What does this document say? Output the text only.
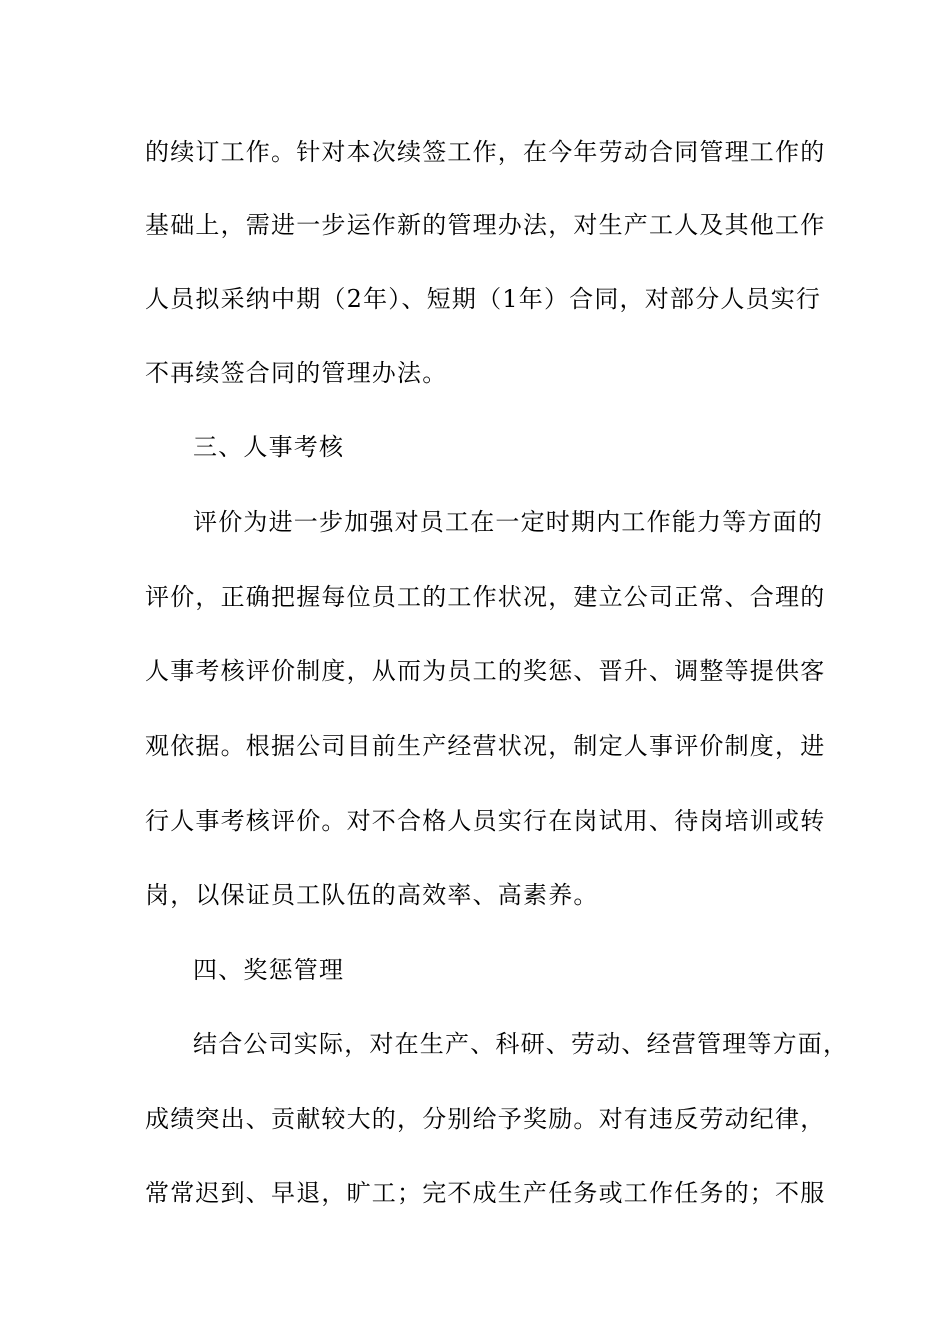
的续订工作。针对本次续签工作，在今年劳动合同管理工作的
基础上，需进一步运作新的管理办法，对生产工人及其他工作
人员拟采纳中期（2年）、短期（1年）合同，对部分人员实行
不再续签合同的管理办法。
三、人事考核
评价为进一步加强对员工在一定时期内工作能力等方面的
评价，正确把握每位员工的工作状况，建立公司正常、合理的
人事考核评价制度，从而为员工的奖惩、晋升、调整等提供客
观依据。根据公司目前生产经营状况，制定人事评价制度，进
行人事考核评价。对不合格人员实行在岗试用、待岗培训或转
岗，以保证员工队伍的高效率、高素养。
四、奖惩管理
结合公司实际，对在生产、科研、劳动、经营管理等方面，
成绩突出、贡献较大的，分别给予奖励。对有违反劳动纪律，
常常迟到、早退，旷工；完不成生产任务或工作任务的；不服
